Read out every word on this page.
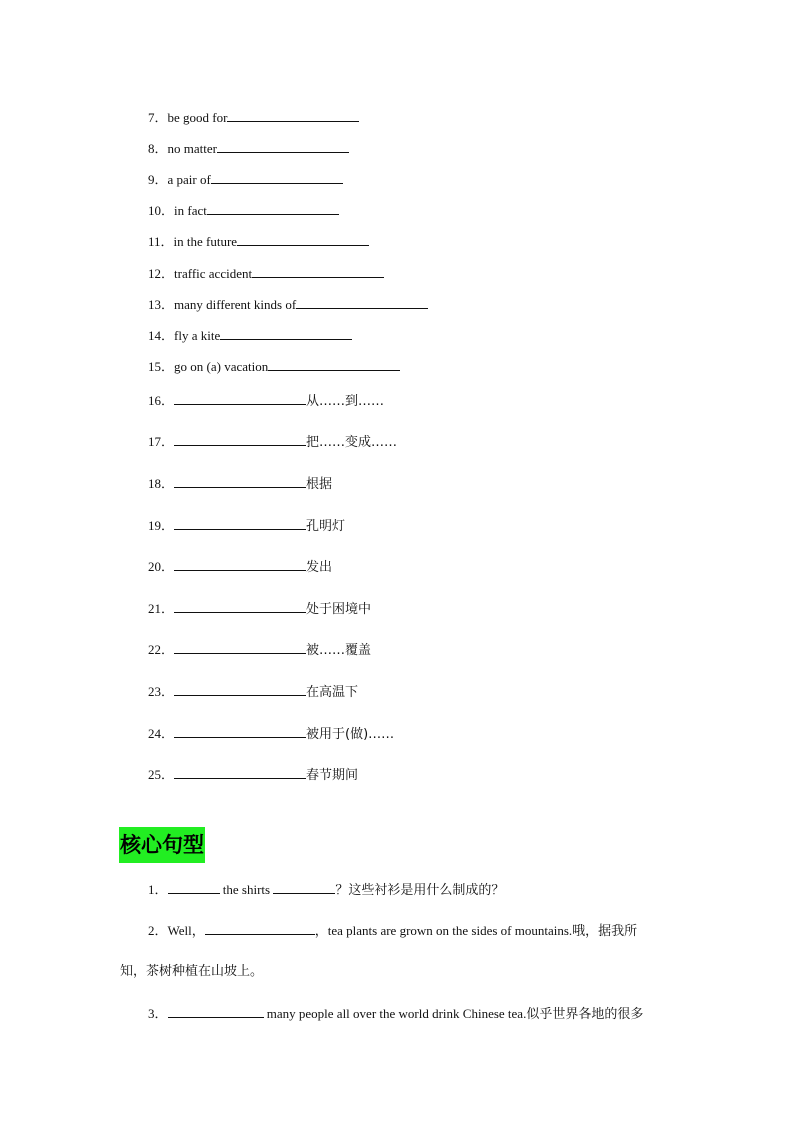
7．be good for
8．no matter
9．a pair of
10．in fact
11．in the future
12．traffic accident
13．many different kinds of
14．fly a kite
15．go on (a) vacation
16．	从……到……
17．	把……变成……
18．	根据
19．	孔明灯
20．	发出
21．	处于困境中
22．	被……覆盖
23．	在高温下
24．	被用于(做)……
25．	春节期间
核心句型
1．	the shirts	？这些衬衫是用什么制成的？
2．Well，	，tea plants are grown on the sides of mountains.哦，据我所
知，茶树种植在山坡上。
3．	many people all over the world drink Chinese tea.似乎世界各地的很多
